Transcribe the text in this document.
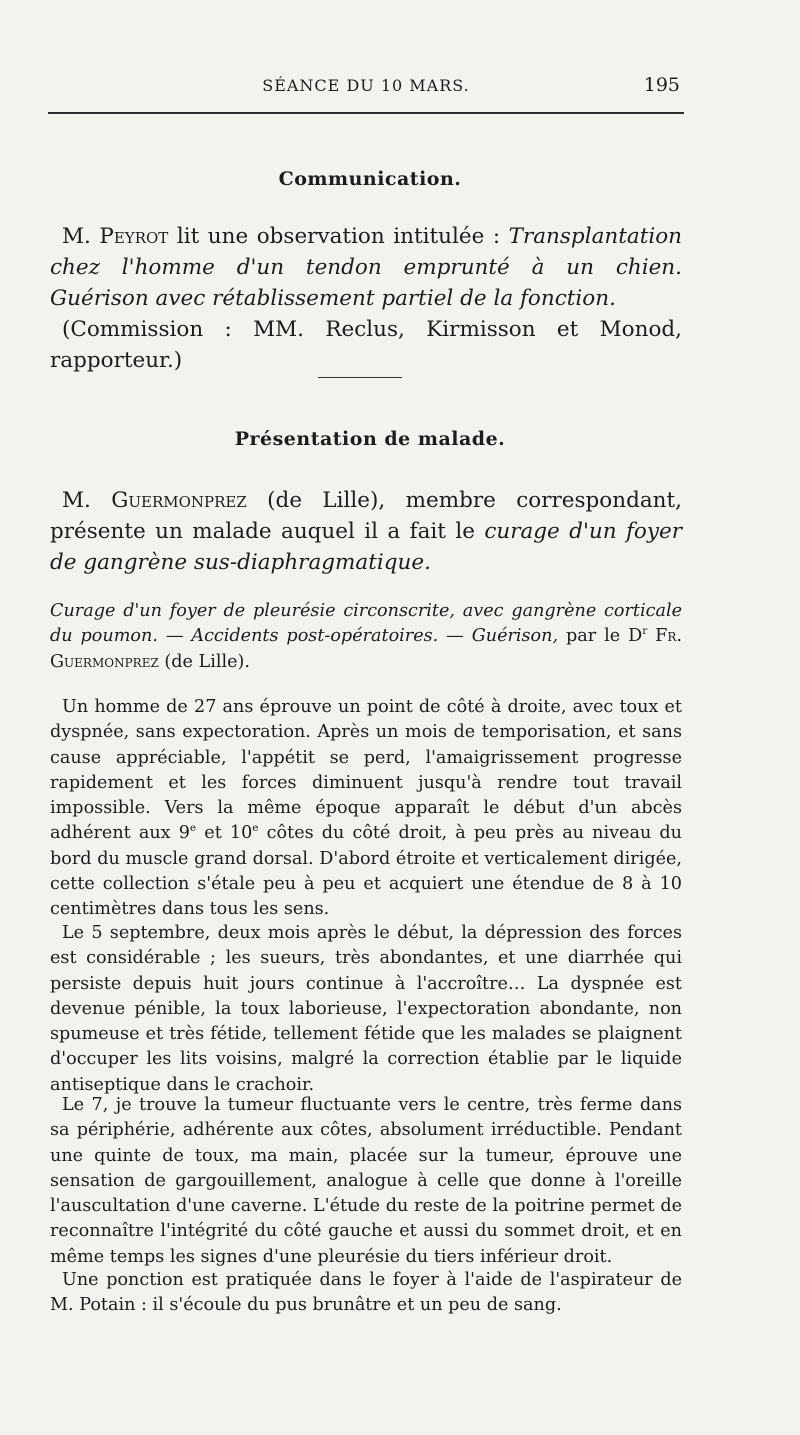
SÉANCE DU 10 MARS.	195
Communication.

M. Peyrot lit une observation intitulée : Transplantation chez l'homme d'un tendon emprunté à un chien. Guérison avec rétablissement partiel de la fonction.

(Commission : MM. Reclus, Kirmisson et Monod, rapporteur.)

Présentation de malade.

M. Guermonprez (de Lille), membre correspondant, présente un malade auquel il a fait le curage d'un foyer de gangrène sus-diaphragmatique.

Curage d'un foyer de pleurésie circonscrite, avec gangrène corticale du poumon. — Accidents post-opératoires. — Guérison, par le $D^r$ Fr. Guermonprez (de Lille).

Un homme de 27 ans éprouve un point de côté à droite, avec toux et dyspnée, sans expectoration. Après un mois de temporisation, et sans cause appréciable, l'appétit se perd, l'amaigrissement progresse rapidement et les forces diminuent jusqu'à rendre tout travail impossible. Vers la même époque apparaît le début d'un abcès adhérent aux 9e et 10e côtes du côté droit, à peu près au niveau du bord du muscle grand dorsal. D'abord étroite et verticalement dirigée, cette collection s'étale peu à peu et acquiert une étendue de 8 à 10 centimètres dans tous les sens.

Le 5 septembre, deux mois après le début, la dépression des forces est considérable ; les sueurs, très abondantes, et une diarrhée qui persiste depuis huit jours continue à l'accroître… La dyspnée est devenue pénible, la toux laborieuse, l'expectoration abondante, non spumeuse et très fétide, tellement fétide que les malades se plaignent d'occuper les lits voisins, malgré la correction établie par le liquide antiseptique dans le crachoir.

Le 7, je trouve la tumeur fluctuante vers le centre, très ferme dans sa périphérie, adhérente aux côtes, absolument irréductible. Pendant une quinte de toux, ma main, placée sur la tumeur, éprouve une sensation de gargouillement, analogue à celle que donne à l'oreille l'auscultation d'une caverne. L'étude du reste de la poitrine permet de reconnaître l'intégrité du côté gauche et aussi du sommet droit, et en même temps les signes d'une pleurésie du tiers inférieur droit.

Une ponction est pratiquée dans le foyer à l'aide de l'aspirateur de M. Potain : il s'écoule du pus brunâtre et un peu de sang.
